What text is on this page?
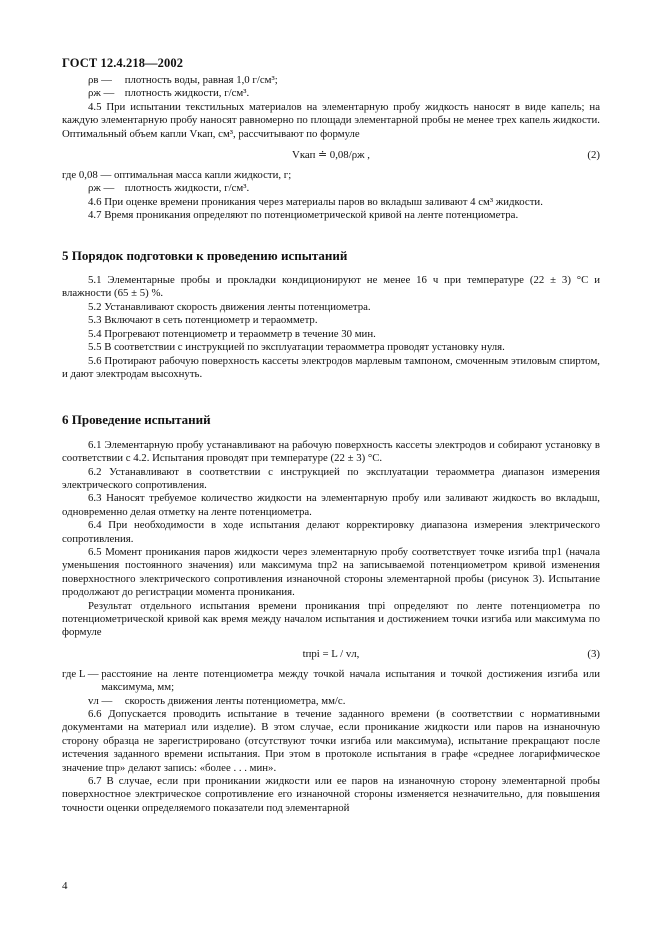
ГОСТ 12.4.218—2002
ρв —
	плотность воды, равная 1,0 г/см³;
ρж —
плотность жидкости, г/см³.

4.5 При испытании текстильных материалов на элементарную пробу жидкость наносят в виде капель; на каждую элементарную пробу наносят равномерно по площади элементарной пробы не менее трех капель жидкости. Оптимальный объем капли Vкап, см³, рассчитывают по формуле

Vкап ≐ 0,08/ρж ,	(2)
где 0,08 —
оптимальная масса капли жидкости, г;
ρж —
плотность жидкости, г/см³.

4.6 При оценке времени проникания через материалы паров во вкладыш заливают 4 см³ жидкости.

4.7 Время проникания определяют по потенциометрической кривой на ленте потенциометра.

5 Порядок подготовки к проведению испытаний

5.1 Элементарные пробы и прокладки кондиционируют не менее 16 ч при температуре (22 ± 3) °С и влажности (65 ± 5) %.

5.2 Устанавливают скорость движения ленты потенциометра.

5.3 Включают в сеть потенциометр и тераомметр.

5.4 Прогревают потенциометр и тераомметр в течение 30 мин.

5.5 В соответствии с инструкцией по эксплуатации тераомметра проводят установку нуля.

5.6 Протирают рабочую поверхность кассеты электродов марлевым тампоном, смоченным этиловым спиртом, и дают электродам высохнуть.

6 Проведение испытаний

6.1 Элементарную пробу устанавливают на рабочую поверхность кассеты электродов и собирают установку в соответствии с 4.2. Испытания проводят при температуре (22 ± 3) °С.

6.2 Устанавливают в соответствии с инструкцией по эксплуатации тераомметра диапазон измерения электрического сопротивления.

6.3 Наносят требуемое количество жидкости на элементарную пробу или заливают жидкость во вкладыш, одновременно делая отметку на ленте потенциометра.

6.4 При необходимости в ходе испытания делают корректировку диапазона измерения электрического сопротивления.

6.5 Момент проникания паров жидкости через элементарную пробу соответствует точке изгиба tпр1 (начала уменьшения постоянного значения) или максимума tпр2 на записываемой потенциометром кривой изменения поверхностного электрического сопротивления изнаночной стороны элементарной пробы (рисунок 3). Испытание продолжают до регистрации момента проникания.

Результат отдельного испытания времени проникания tпрi определяют по ленте потенциометра по потенциометрической кривой как время между началом испытания и достижением точки изгиба или максимума по формуле

tпрi = L / vл,	(3)
где L —
расстояние на ленте потенциометра между точкой начала испытания и точкой достижения изгиба или максимума, мм;
vл —
	скорость движения ленты потенциометра, мм/с.

6.6 Допускается проводить испытание в течение заданного времени (в соответствии с нормативными документами на материал или изделие). В этом случае, если проникание жидкости или паров на изнаночную сторону образца не зарегистрировано (отсутствуют точки изгиба или максимума), испытание прекращают после истечения заданного времени испытания. При этом в протоколе испытания в графе «среднее логарифмическое значение tпр» делают запись: «более . . . мин».

6.7 В случае, если при проникании жидкости или ее паров на изнаночную сторону элементарной пробы поверхностное электрическое сопротивление его изнаночной стороны изменяется незначительно, для повышения точности оценки определяемого показатели под элементарной

4
